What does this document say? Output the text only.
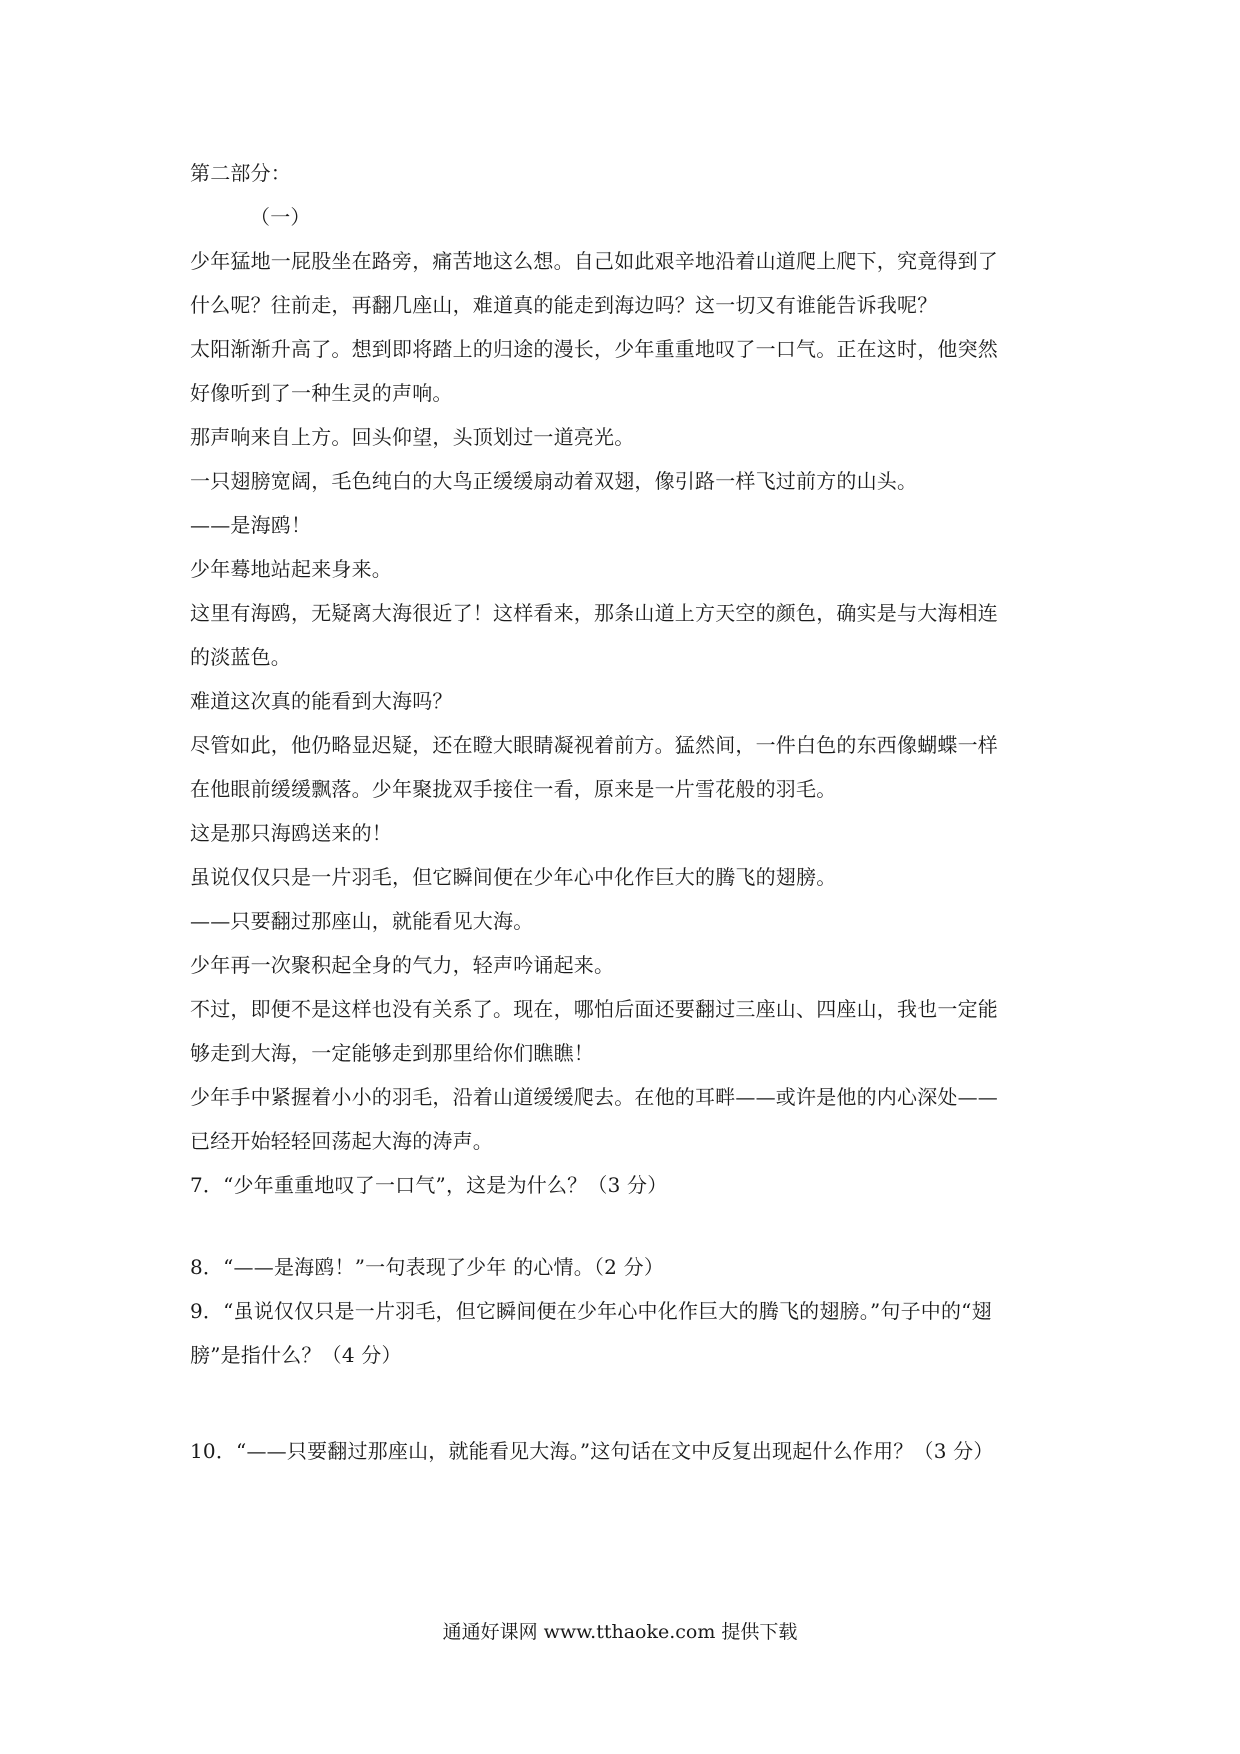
第二部分：
（一）
少年猛地一屁股坐在路旁，痛苦地这么想。自己如此艰辛地沿着山道爬上爬下，究竟得到了
什么呢？往前走，再翻几座山，难道真的能走到海边吗？这一切又有谁能告诉我呢？
太阳渐渐升高了。想到即将踏上的归途的漫长，少年重重地叹了一口气。正在这时，他突然
好像听到了一种生灵的声响。
那声响来自上方。回头仰望，头顶划过一道亮光。
一只翅膀宽阔，毛色纯白的大鸟正缓缓扇动着双翅，像引路一样飞过前方的山头。
——是海鸥！
少年蓦地站起来身来。
这里有海鸥，无疑离大海很近了！这样看来，那条山道上方天空的颜色，确实是与大海相连
的淡蓝色。
难道这次真的能看到大海吗？
尽管如此，他仍略显迟疑，还在瞪大眼睛凝视着前方。猛然间，一件白色的东西像蝴蝶一样
在他眼前缓缓飘落。少年聚拢双手接住一看，原来是一片雪花般的羽毛。
这是那只海鸥送来的！
虽说仅仅只是一片羽毛，但它瞬间便在少年心中化作巨大的腾飞的翅膀。
——只要翻过那座山，就能看见大海。
少年再一次聚积起全身的气力，轻声吟诵起来。
不过，即便不是这样也没有关系了。现在，哪怕后面还要翻过三座山、四座山，我也一定能
够走到大海，一定能够走到那里给你们瞧瞧！
少年手中紧握着小小的羽毛，沿着山道缓缓爬去。在他的耳畔——或许是他的内心深处——
已经开始轻轻回荡起大海的涛声。
7．“少年重重地叹了一口气”，这是为什么？（3 分）
8．“——是海鸥！”一句表现了少年 的心情。（2 分）
9．“虽说仅仅只是一片羽毛，但它瞬间便在少年心中化作巨大的腾飞的翅膀。”句子中的“翅
膀”是指什么？（4 分）
10．“——只要翻过那座山，就能看见大海。”这句话在文中反复出现起什么作用？（3 分）
通通好课网 www.tthaoke.com 提供下载
